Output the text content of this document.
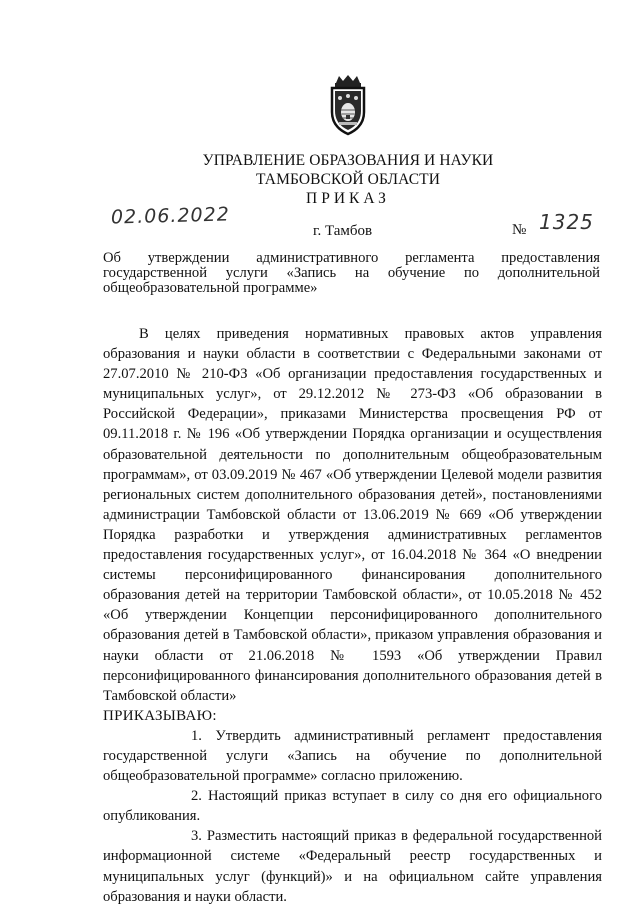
УПРАВЛЕНИЕ ОБРАЗОВАНИЯ И НАУКИ
ТАМБОВСКОЙ ОБЛАСТИ
ПРИКАЗ
02.06.2022
г. Тамбов	№ 1325
Об утверждении административного регламента предоставления государственной услуги «Запись на обучение по дополнительной общеобразовательной программе»

В целях приведения нормативных правовых актов управления образования и науки области в соответствии с Федеральными законами от 27.07.2010 № 210-ФЗ «Об организации предоставления государственных и муниципальных услуг», от 29.12.2012 № 273-ФЗ «Об образовании в Российской Федерации», приказами Министерства просвещения РФ от 09.11.2018 г. № 196 «Об утверждении Порядка организации и осуществления образовательной деятельности по дополнительным общеобразовательным программам», от 03.09.2019 № 467 «Об утверждении Целевой модели развития региональных систем дополнительного образования детей», постановлениями администрации Тамбовской области от 13.06.2019 № 669 «Об утверждении Порядка разработки и утверждения административных регламентов предоставления государственных услуг», от 16.04.2018 № 364 «О внедрении системы персонифицированного финансирования дополнительного образования детей на территории Тамбовской области», от 10.05.2018 № 452 «Об утверждении Концепции персонифицированного дополнительного образования детей в Тамбовской области», приказом управления образования и науки области от 21.06.2018 № 1593 «Об утверждении Правил персонифицированного финансирования дополнительного образования детей в Тамбовской области»

ПРИКАЗЫВАЮ:

1. Утвердить административный регламент предоставления государственной услуги «Запись на обучение по дополнительной общеобразовательной программе» согласно приложению.

2. Настоящий приказ вступает в силу со дня его официального опубликования.

3. Разместить настоящий приказ в федеральной государственной информационной системе «Федеральный реестр государственных и муниципальных услуг (функций)» и на официальном сайте управления образования и науки области.
